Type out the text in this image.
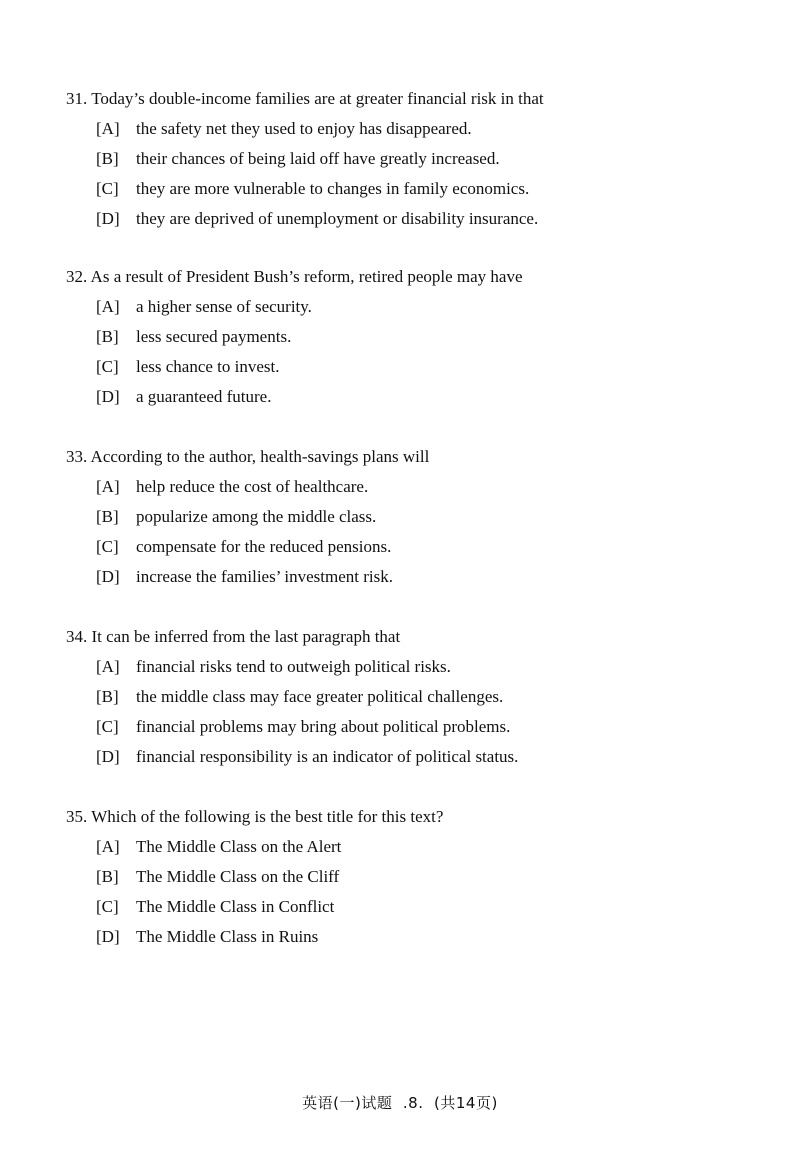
31. Today’s double-income families are at greater financial risk in that
[A] the safety net they used to enjoy has disappeared.
[B] their chances of being laid off have greatly increased.
[C] they are more vulnerable to changes in family economics.
[D] they are deprived of unemployment or disability insurance.
32. As a result of President Bush’s reform, retired people may have
[A] a higher sense of security.
[B] less secured payments.
[C] less chance to invest.
[D] a guaranteed future.
33. According to the author, health-savings plans will
[A] help reduce the cost of healthcare.
[B] popularize among the middle class.
[C] compensate for the reduced pensions.
[D] increase the families’ investment risk.
34. It can be inferred from the last paragraph that
[A] financial risks tend to outweigh political risks.
[B] the middle class may face greater political challenges.
[C] financial problems may bring about political problems.
[D] financial responsibility is an indicator of political status.
35. Which of the following is the best title for this text?
[A] The Middle Class on the Alert
[B] The Middle Class on the Cliff
[C] The Middle Class in Conflict
[D] The Middle Class in Ruins
英语(一)试题  .8.  (共14页)
